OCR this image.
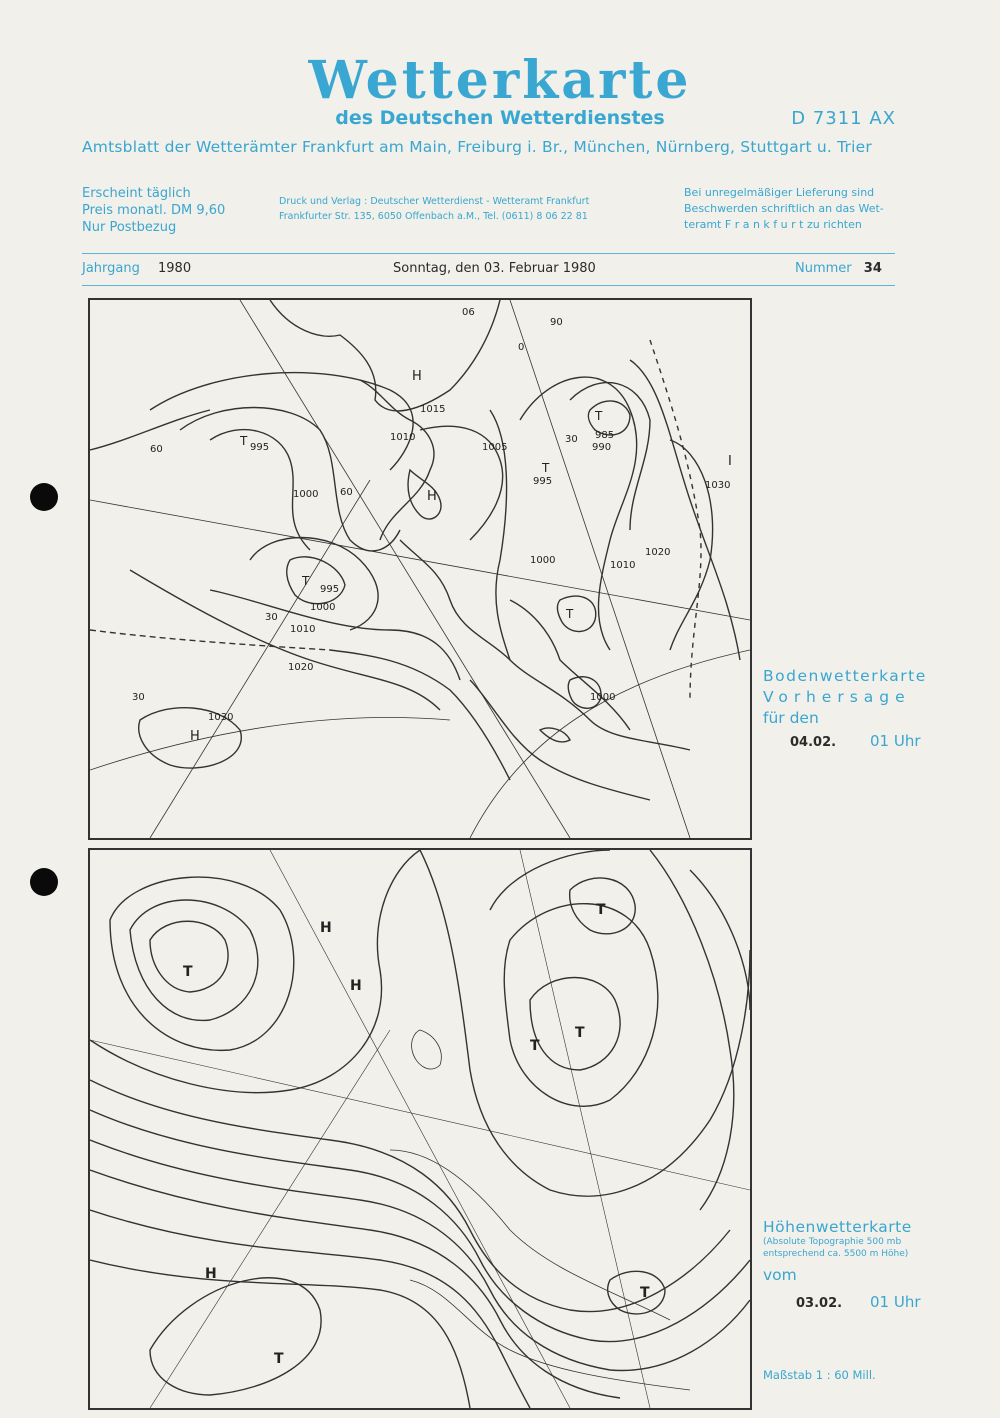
Wetterkarte
des Deutschen Wetterdienstes	D 7311 AX
Amtsblatt der Wetterämter Frankfurt am Main, Freiburg i. Br., München, Nürnberg, Stuttgart u. Trier
Erscheint täglich
Preis monatl. DM 9,60
Nur Postbezug
Druck und Verlag : Deutscher Wetterdienst - Wetteramt Frankfurt
Frankfurter Str. 135, 6050 Offenbach a.M., Tel. (0611) 8 06 22 81
Bei unregelmäßiger Lieferung sind
Beschwerden schriftlich an das Wet-
teramt F r a n k f u r t zu richten
Jahrgang 1980	Sonntag, den 03. Februar 1980	Nummer 34
H
H
I
H
T
T
T
T
T
995
1015
1010	985
990
1005
995	1030
1000
995
1000
1010
1020
1000	1010
1020
1000
1030
60
30
30
60
90
0
30
06
Bodenwetterkarte
Vorhersage
für den
04.02. 01 Uhr
H
H
H
T
T
T
T
T
T
Höhenwetterkarte
(Absolute Topographie 500 mb
entsprechend ca. 5500 m Höhe)
vom
03.02. 01 Uhr
Maßstab 1 : 60 Mill.
